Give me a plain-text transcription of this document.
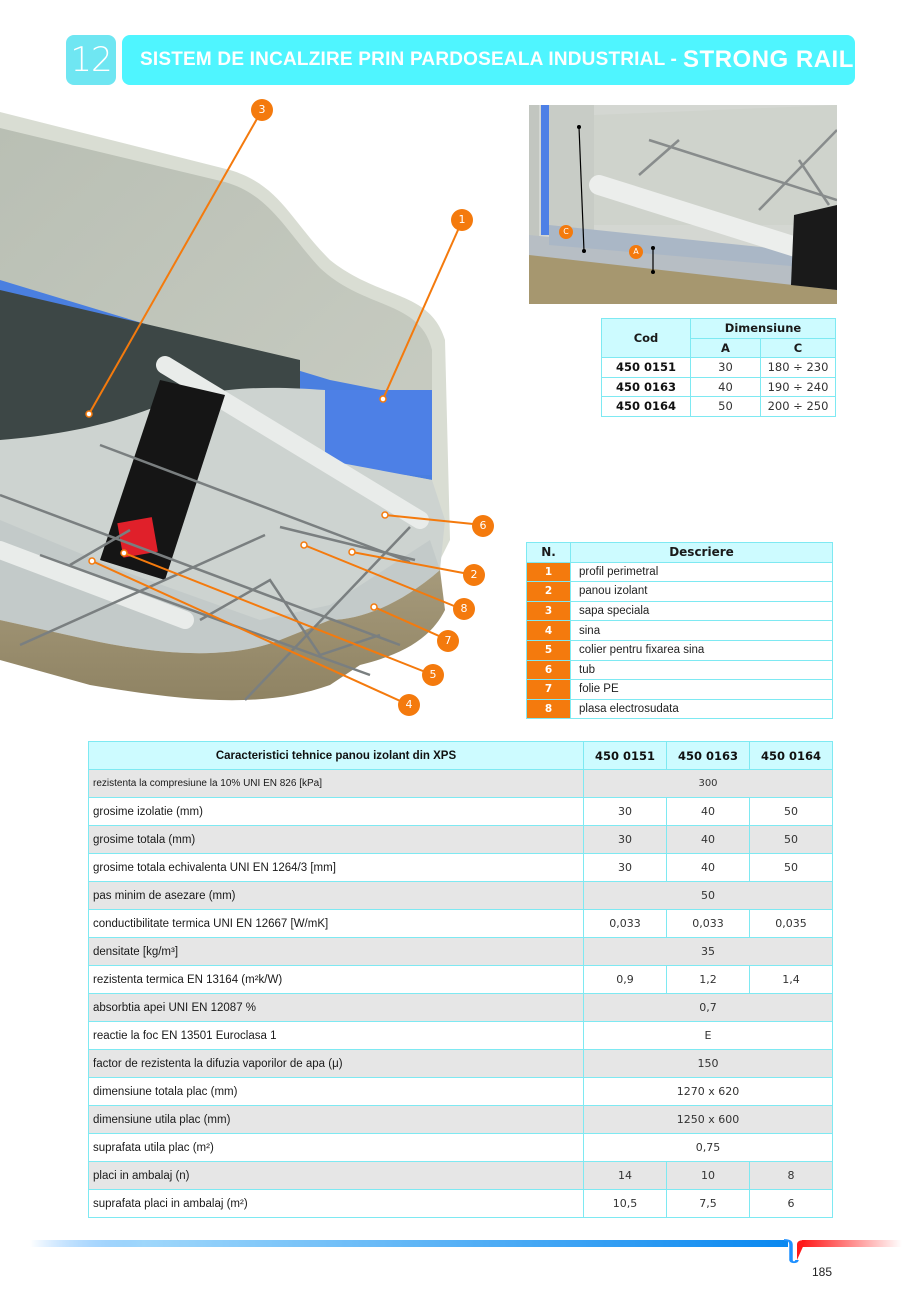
12 SISTEM DE INCALZIRE PRIN PARDOSEALA INDUSTRIAL - STRONG RAIL
3
1
6
2
8
7
5
4
C
A
Cod	Dimensiune	
	A	C
450 0151	30	180 ÷ 230
450 0163	40	190 ÷ 240
450 0164	50	200 ÷ 250
N.	Descriere
1	profil perimetral
2	panou izolant
3	sapa speciala
4	sina
5	colier pentru fixarea sina
6	tub
7	folie PE
8	plasa electrosudata
Caracteristici tehnice panou izolant din XPS	450 0151	450 0163	450 0164
rezistenta la compresiune la 10% UNI EN 826 [kPa]	300		
grosime izolatie (mm)	30	40	50
grosime totala (mm)	30	40	50
grosime totala echivalenta UNI EN 1264/3 [mm]	30	40	50
pas minim de asezare (mm)	50		
conductibilitate termica UNI EN 12667 [W/mK]	0,033	0,033	0,035
densitate [kg/m³]	35		
rezistenta termica EN 13164 (m²k/W)	0,9	1,2	1,4
absorbtia apei UNI EN 12087 %	0,7		
reactie la foc EN 13501 Euroclasa 1	E		
factor de rezistenta la difuzia vaporilor de apa (μ)	150		
dimensiune totala plac (mm)	1270 x 620		
dimensiune utila plac (mm)	1250 x 600		
suprafata utila plac (m²)	0,75		
placi in ambalaj (n)	14	10	8
suprafata placi in ambalaj (m²)	10,5	7,5	6
185
